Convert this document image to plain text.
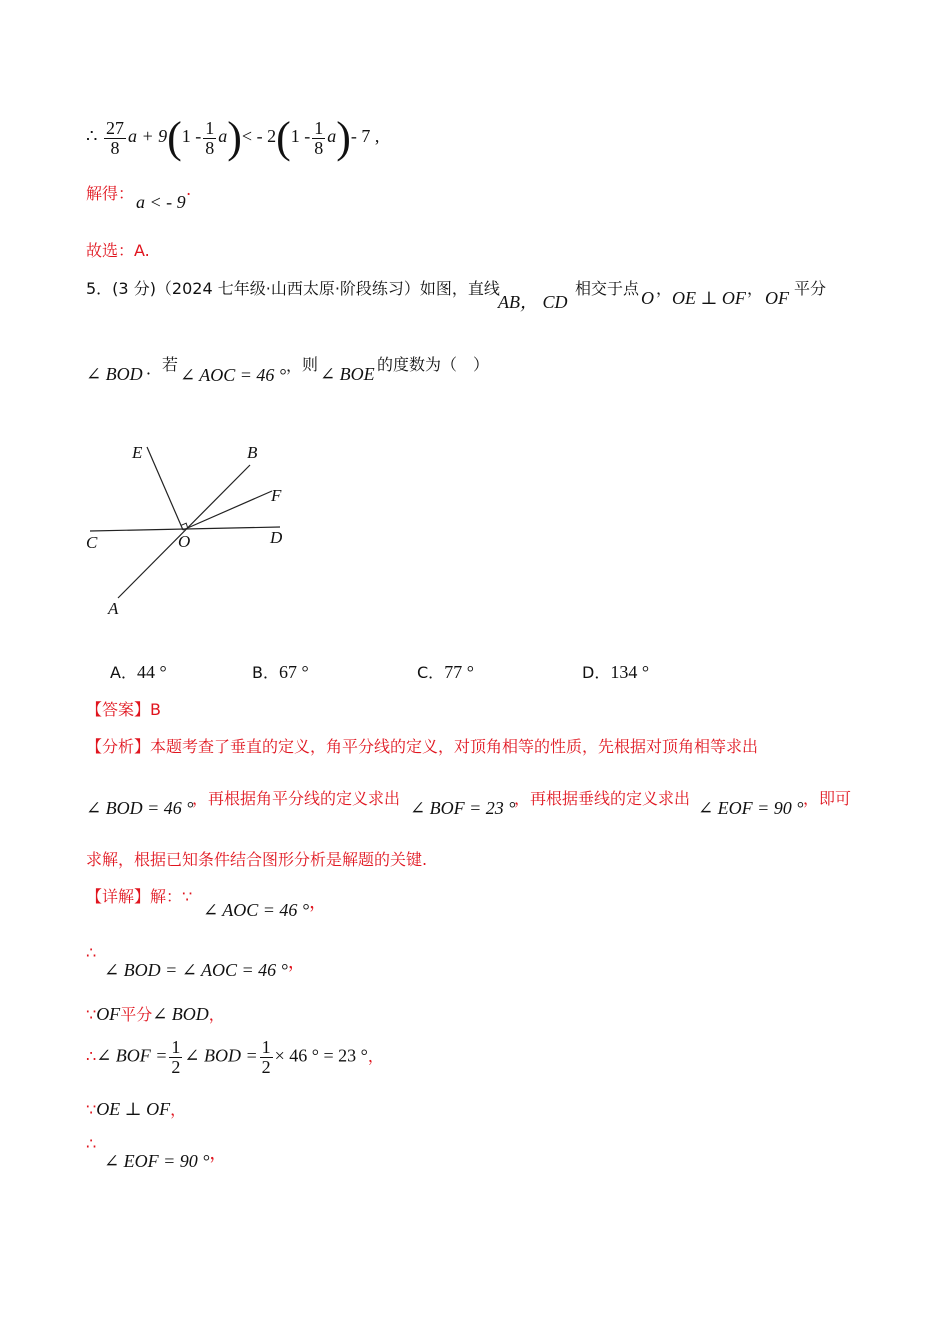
∴ $\frac{27}{8}$ $a + 9(1 - \frac{1}{8} a)< - 2(1 - \frac{1}{8} a)-$ 7 ,
解得： a < - 9·
故选：A.
5．(3 分)（2024 七年级·山西太原·阶段练习）如图，直线
AB， CD
相交于点 O ， OE ⊥ OF ， OF 平分
∠ BOD ． 若
∠ AOC = 46 ° ， 则 ∠ BOE 的度数为（　）
E	B
F
C	O	D
A
A．44 °	B．67 °	C．77 °	D．134 °
【答案】B
【分析】本题考查了垂直的定义，角平分线的定义，对顶角相等的性质，先根据对顶角相等求出
∠ BOD = 46 °
，再根据角平分线的定义求出 ∠ BOF = 23 °
，再根据垂线的定义求出 ∠ EOF = 90 ° ，即可
求解，根据已知条件结合图形分析是解题的关键.
【详解】解：∵
∠ AOC = 46 °，
∴
∠ BOD = ∠ AOC = 46 °，
∵OF平分∠ BOD，
∴∠ BOF = $\frac{1}{2}$ ∠ BOD = $\frac{1}{2} \times 46$ ° = 23 °，
∵OE ⊥ OF，
∴
∠ EOF = 90 °，
